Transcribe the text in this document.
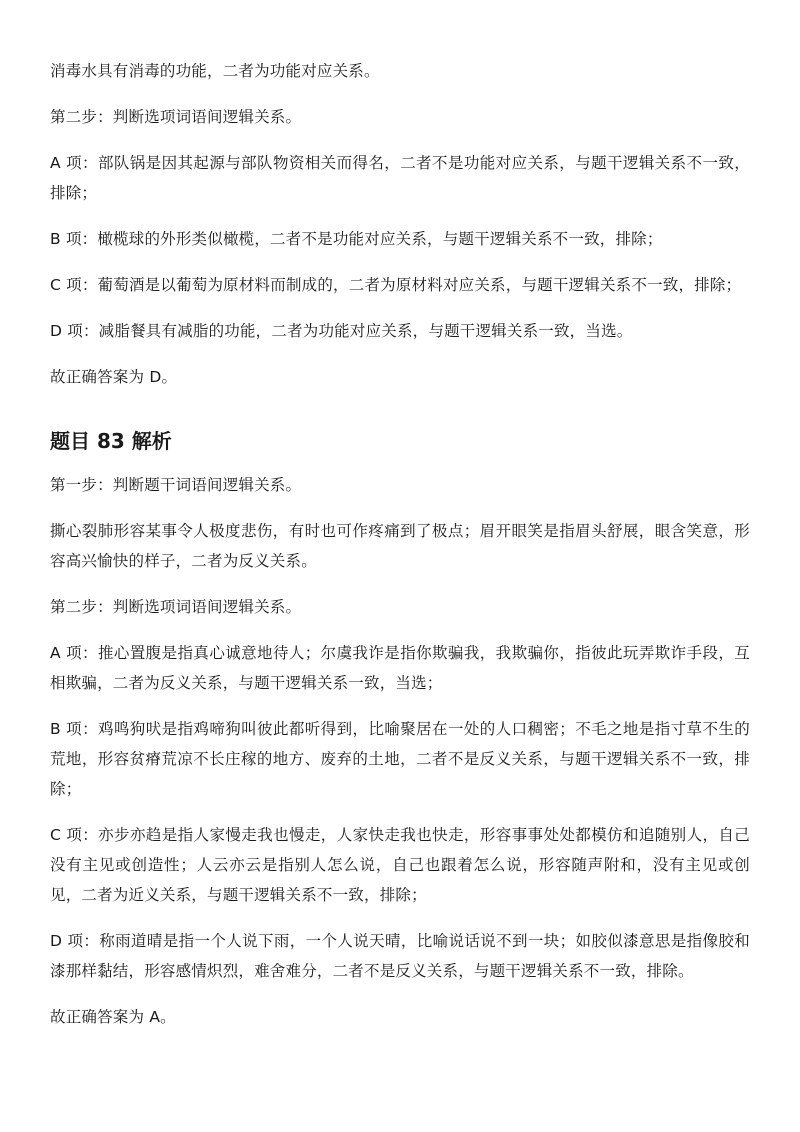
消毒水具有消毒的功能，二者为功能对应关系。

第二步：判断选项词语间逻辑关系。

A 项：部队锅是因其起源与部队物资相关而得名，二者不是功能对应关系，与题干逻辑关系不一致，排除；

B 项：橄榄球的外形类似橄榄，二者不是功能对应关系，与题干逻辑关系不一致，排除；

C 项：葡萄酒是以葡萄为原材料而制成的，二者为原材料对应关系，与题干逻辑关系不一致，排除；

D 项：减脂餐具有减脂的功能，二者为功能对应关系，与题干逻辑关系一致，当选。

故正确答案为 D。

题目 83 解析

第一步：判断题干词语间逻辑关系。

撕心裂肺形容某事令人极度悲伤，有时也可作疼痛到了极点；眉开眼笑是指眉头舒展，眼含笑意，形容高兴愉快的样子，二者为反义关系。

第二步：判断选项词语间逻辑关系。

A 项：推心置腹是指真心诚意地待人；尔虞我诈是指你欺骗我，我欺骗你，指彼此玩弄欺诈手段，互相欺骗，二者为反义关系，与题干逻辑关系一致，当选；

B 项：鸡鸣狗吠是指鸡啼狗叫彼此都听得到，比喻聚居在一处的人口稠密；不毛之地是指寸草不生的荒地，形容贫瘠荒凉不长庄稼的地方、废弃的土地，二者不是反义关系，与题干逻辑关系不一致，排除；

C 项：亦步亦趋是指人家慢走我也慢走，人家快走我也快走，形容事事处处都模仿和追随别人，自己没有主见或创造性；人云亦云是指别人怎么说，自己也跟着怎么说，形容随声附和，没有主见或创见，二者为近义关系，与题干逻辑关系不一致，排除；

D 项：称雨道晴是指一个人说下雨，一个人说天晴，比喻说话说不到一块；如胶似漆意思是指像胶和漆那样黏结，形容感情炽烈，难舍难分，二者不是反义关系，与题干逻辑关系不一致，排除。

故正确答案为 A。
